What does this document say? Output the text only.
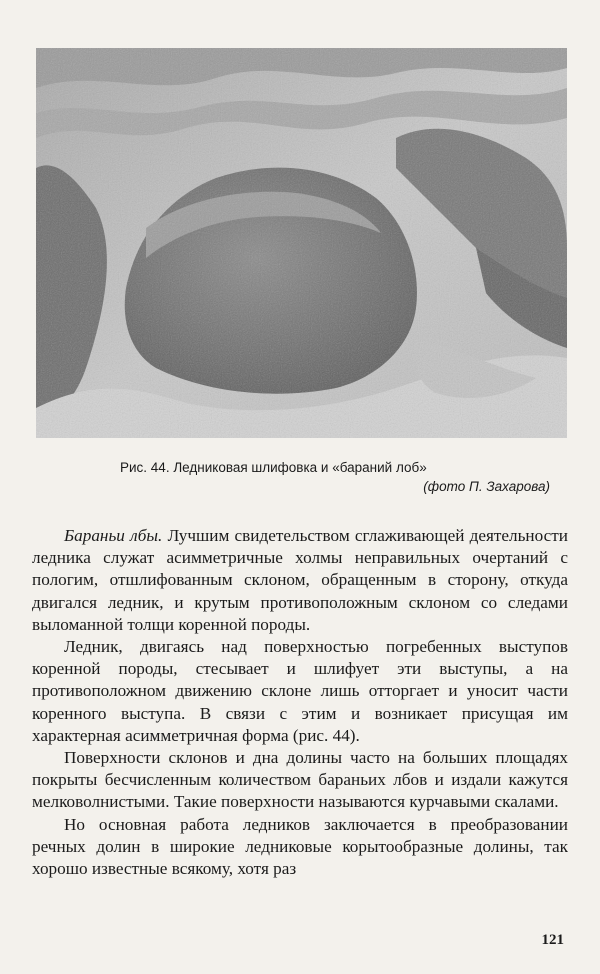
Рис. 44. Ледниковая шлифовка и «бараний лоб»
(фото П. Захарова)

Бараньи лбы. Лучшим свидетельством сглаживающей деятельности ледника служат асимметричные холмы неправильных очертаний с пологим, отшлифованным склоном, обращенным в сторону, откуда двигался ледник, и крутым противоположным склоном со следами выломанной толщи коренной породы.

Ледник, двигаясь над поверхностью погребенных выступов коренной породы, стесывает и шлифует эти выступы, а на противоположном движению склоне лишь отторгает и уносит части коренного выступа. В связи с этим и возникает присущая им характерная асимметричная форма (рис. 44).

Поверхности склонов и дна долины часто на больших площадях покрыты бесчисленным количеством бараньих лбов и издали кажутся мелковолнистыми. Такие поверхности называются курчавыми скалами.

Но основная работа ледников заключается в преобразовании речных долин в широкие ледниковые корытообразные долины, так хорошо известные всякому, хотя раз

121
